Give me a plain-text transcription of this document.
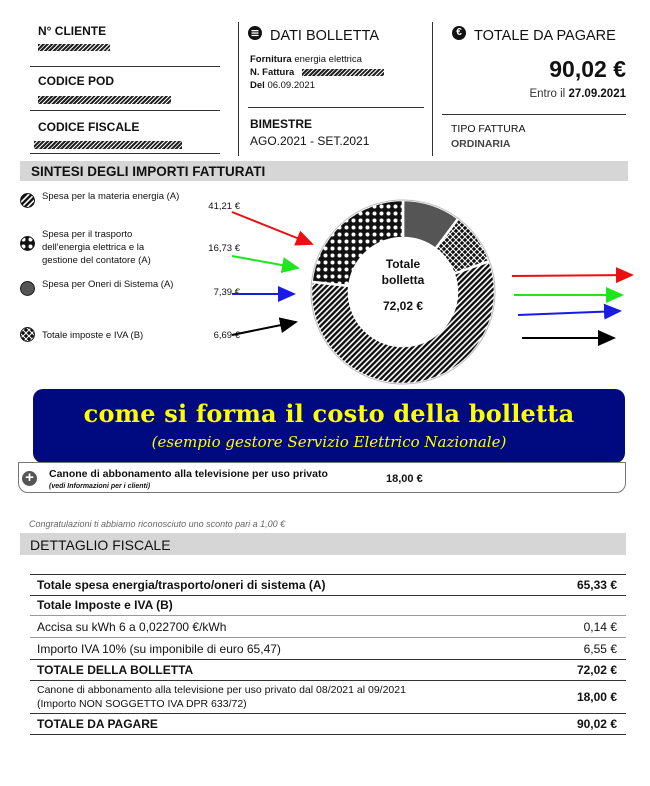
N° CLIENTE
CODICE POD
CODICE FISCALE
DATI BOLLETTA
Fornitura energia elettrica
N. Fattura
Del 06.09.2021
BIMESTRE
AGO.2021 - SET.2021
€ TOTALE DA PAGARE
90,02 €
Entro il 27.09.2021
TIPO FATTURA
ORDINARIA
SINTESI DEGLI IMPORTI FATTURATI
Spesa per la materia energia (A)
41,21 €
Spesa per il trasporto dell'energia elettrica e la gestione del contatore (A)
16,73 €
Spesa per Oneri di Sistema (A)
7,39 €
Totale imposte e IVA (B)	6,69 €
Totale bolletta
72,02 €
come si forma il costo della bolletta
(esempio gestore Servizio Elettrico Nazionale)
+ Canone di abbonamento alla televisione per uso privato
(vedi Informazioni per i clienti)
18,00 €
Congratulazioni ti abbiamo riconosciuto uno sconto pari a 1,00 €
DETTAGLIO FISCALE
Totale spesa energia/trasporto/oneri di sistema (A)	65,33 €
Totale Imposte e IVA (B)
Accisa su kWh 6 a 0,022700 €/kWh	0,14 €
Importo IVA 10% (su imponibile di euro 65,47)	6,55 €
TOTALE DELLA BOLLETTA	72,02 €
Canone di abbonamento alla televisione per uso privato dal 08/2021 al 09/2021 (Importo NON SOGGETTO IVA DPR 633/72)	18,00 €
TOTALE DA PAGARE	90,02 €
